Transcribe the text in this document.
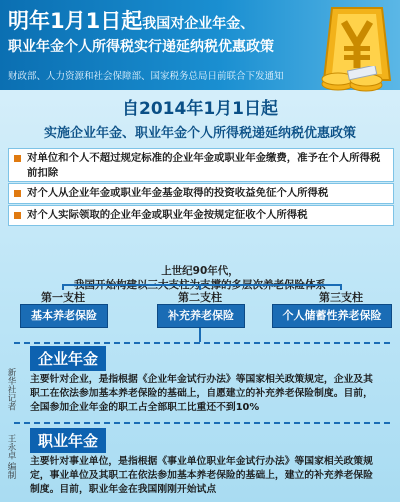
明年1月1日起我国对企业年金、
职业年金个人所得税实行递延纳税优惠政策
财政部、人力资源和社会保障部、国家税务总局日前联合下发通知
自2014年1月1日起
实施企业年金、职业年金个人所得税递延纳税优惠政策
对单位和个人不超过规定标准的企业年金或职业年金缴费，准予在个人所得税前扣除
对个人从企业年金或职业年金基金取得的投资收益免征个人所得税
对个人实际领取的企业年金或职业年金按规定征收个人所得税
上世纪90年代，
第一支柱	第二支柱	第三支柱
基本养老保险	补充养老保险	个人储蓄性养老保险
企业年金
主要针对企业，是指根据《企业年金试行办法》等国家相关政策规定，企业及其职工在依法参加基本养老保险的基础上，自愿建立的补充养老保险制度。目前，全国参加企业年金的职工占全部职工比重还不到10%
职业年金
主要针对事业单位，是指根据《事业单位职业年金试行办法》等国家相关政策规定，事业单位及其职工在依法参加基本养老保险的基础上，建立的补充养老保险制度。目前，职业年金在我国刚刚开始试点
新华社记者
王永卓 编制
